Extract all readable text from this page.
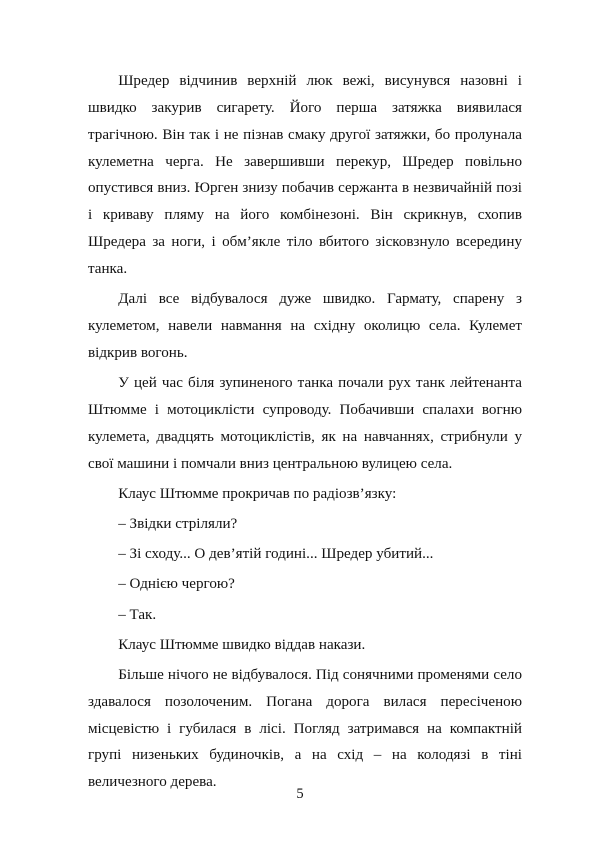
Шредер відчинив верхній люк вежі, висунувся назовні і швидко закурив сигарету. Його перша затяжка виявилася трагічною. Він так і не пізнав смаку другої затяжки, бо пролунала кулеметна черга. Не завершивши перекур, Шредер повільно опустився вниз. Юрген знизу побачив сержанта в незвичайній позі і криваву пляму на його комбінезоні. Він скрикнув, схопив Шредера за ноги, і обм’якле тіло вбитого зісковзнуло всередину танка.

Далі все відбувалося дуже швидко. Гармату, спарену з кулеметом, навели навмання на східну околицю села. Кулемет відкрив вогонь.

У цей час біля зупиненого танка почали рух танк лейтенанта Штюмме і мотоциклісти супроводу. Побачивши спалахи вогню кулемета, двадцять мотоциклістів, як на навчаннях, стрибнули у свої машини і помчали вниз центральною вулицею села.

Клаус Штюмме прокричав по радіозв’язку:

– Звідки стріляли?

– Зі сходу... О дев’ятій годині... Шредер убитий...

– Однією чергою?

– Так.

Клаус Штюмме швидко віддав накази.

Більше нічого не відбувалося. Під сонячними променями село здавалося позолоченим. Погана дорога вилася пересіченою місцевістю і губилася в лісі. Погляд затримався на компактній групі низеньких будиночків, а на схід – на колодязі в тіні величезного дерева.

5
